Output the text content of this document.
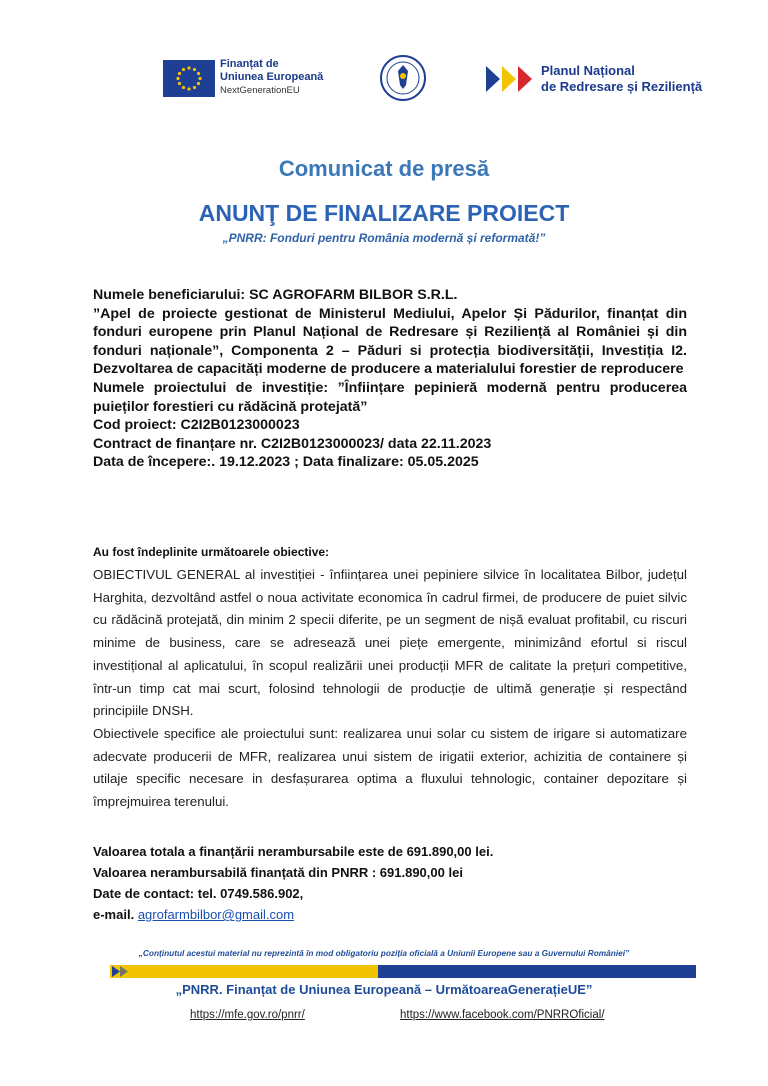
Finanțat de
Uniunea Europeană
NextGenerationEU
Planul Național
de Redresare și Reziliență
Comunicat de presă
ANUNŢ DE FINALIZARE PROIECT
„PNRR: Fonduri pentru România modernă și reformată!”

Numele beneficiarului: SC AGROFARM BILBOR S.R.L.

”Apel de proiecte gestionat de Ministerul Mediului, Apelor Și Pădurilor, finanțat din fonduri europene prin Planul Național de Redresare și Reziliență al României și din fonduri naționale”, Componenta 2 – Păduri si protecția biodiversității, Investiția I2. Dezvoltarea de capacități moderne de producere a materialului forestier de reproducere

Numele proiectului de investiție: ”Înființare pepinieră modernă pentru producerea puieților forestieri cu rădăcină protejată”

Cod proiect: C2I2B0123000023

Contract de finanțare nr. C2I2B0123000023/ data 22.11.2023

Data de începere:. 19.12.2023 ; Data finalizare: 05.05.2025

Au fost îndeplinite următoarele obiective:

OBIECTIVUL GENERAL al investiției - înființarea unei pepiniere silvice în localitatea Bilbor, județul Harghita, dezvoltând astfel o noua activitate economica în cadrul firmei, de producere de puiet silvic cu rădăcină protejată, din minim 2 specii diferite, pe un segment de nișă evaluat profitabil, cu riscuri minime de business, care se adresează unei piețe emergente, minimizând efortul si riscul investițional al aplicatului, în scopul realizării unei producții MFR de calitate la prețuri competitive, într-un timp cat mai scurt, folosind tehnologii de producție de ultimă generație și respectând principiile DNSH.

Obiectivele specifice ale proiectului sunt: realizarea unui solar cu sistem de irigare si automatizare adecvate producerii de MFR, realizarea unui sistem de irigatii exterior, achizitia de containere și utilaje specific necesare in desfașurarea optima a fluxului tehnologic, container depozitare și împrejmuirea terenului.

Valoarea totala a finanțării nerambursabile este de 691.890,00 lei.
Valoarea nerambursabilă finanțată din PNRR : 691.890,00 lei
Date de contact: tel. 0749.586.902,
e-mail. agrofarmbilbor@gmail.com
„Conținutul acestui material nu reprezintă în mod obligatoriu poziția oficială a Uniunii Europene sau a Guvernului României”
„PNRR. Finanțat de Uniunea Europeană – UrmătoareaGenerațieUE”
https://mfe.gov.ro/pnrr/	https://www.facebook.com/PNRROficial/
